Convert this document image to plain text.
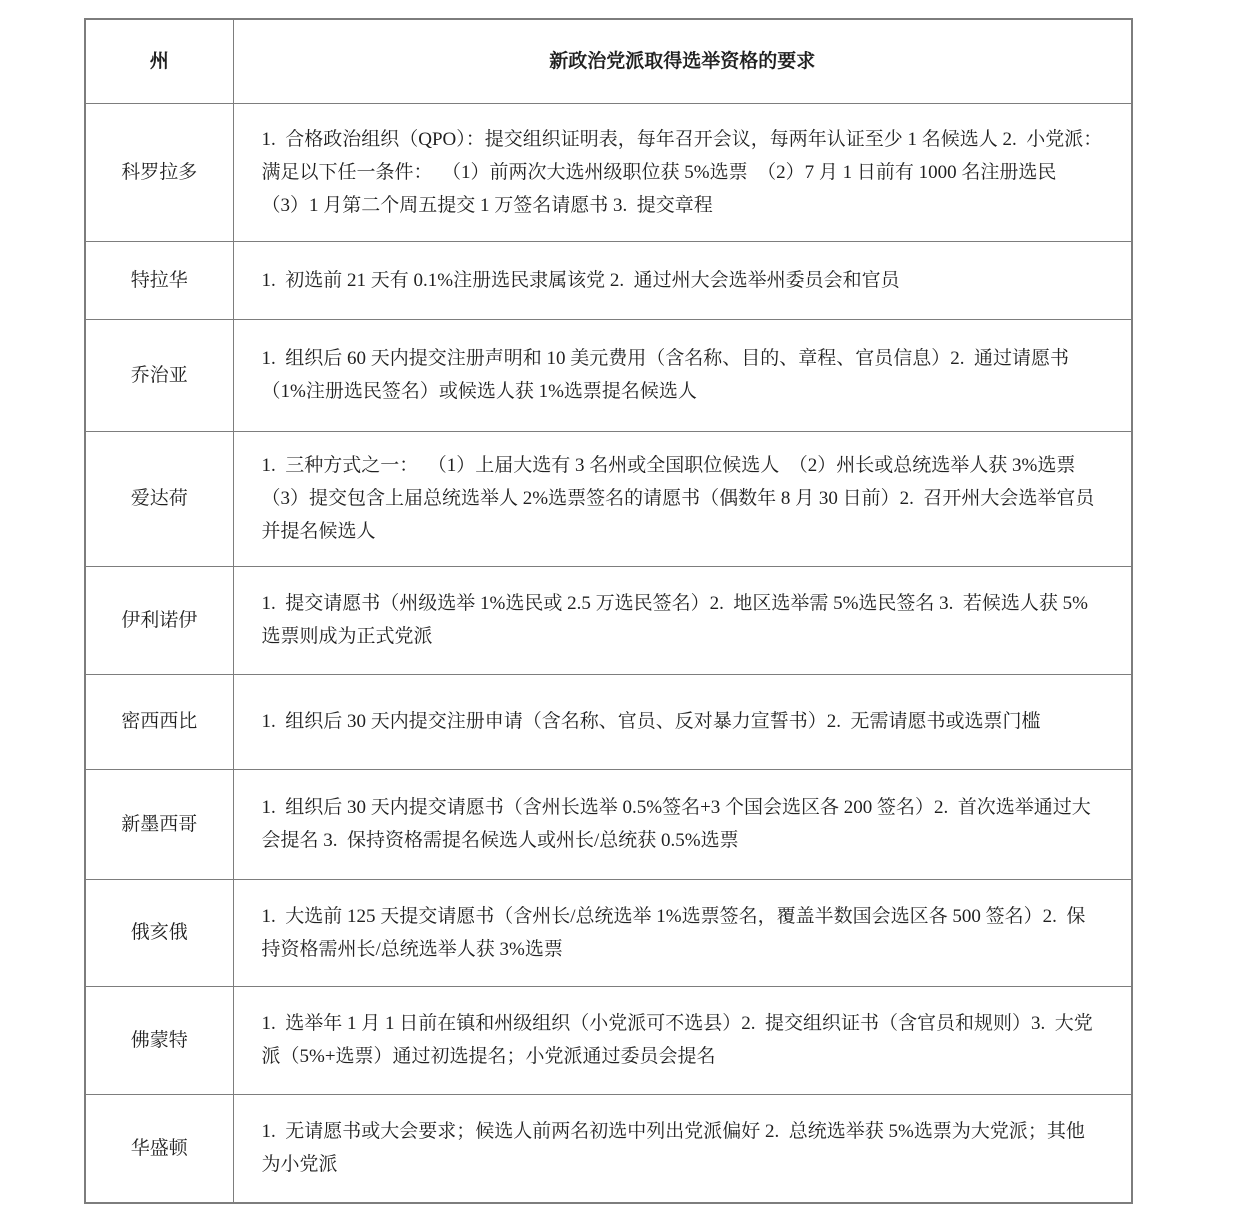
州	新政治党派取得选举资格的要求
科罗拉多	1.  合格政治组织（QPO）：提交组织证明表，每年召开会议，每两年认证至少 1 名候选人 2.  小党派：满足以下任一条件：  （1）前两次大选州级职位获 5%选票  （2）7 月 1 日前有 1000 名注册选民  （3）1 月第二个周五提交 1 万签名请愿书 3.  提交章程
特拉华	1.  初选前 21 天有 0.1%注册选民隶属该党 2.  通过州大会选举州委员会和官员
乔治亚	1.  组织后 60 天内提交注册声明和 10 美元费用（含名称、目的、章程、官员信息）2.  通过请愿书（1%注册选民签名）或候选人获 1%选票提名候选人
爱达荷	1.  三种方式之一：  （1）上届大选有 3 名州或全国职位候选人  （2）州长或总统选举人获 3%选票  （3）提交包含上届总统选举人 2%选票签名的请愿书（偶数年 8 月 30 日前）2.  召开州大会选举官员并提名候选人
伊利诺伊	1.  提交请愿书（州级选举 1%选民或 2.5 万选民签名）2.  地区选举需 5%选民签名 3.  若候选人获 5%选票则成为正式党派
密西西比	1.  组织后 30 天内提交注册申请（含名称、官员、反对暴力宣誓书）2.  无需请愿书或选票门槛
新墨西哥	1.  组织后 30 天内提交请愿书（含州长选举 0.5%签名+3 个国会选区各 200 签名）2.  首次选举通过大会提名 3.  保持资格需提名候选人或州长/总统获 0.5%选票
俄亥俄	1.  大选前 125 天提交请愿书（含州长/总统选举 1%选票签名，覆盖半数国会选区各 500 签名）2.  保持资格需州长/总统选举人获 3%选票
佛蒙特	1.  选举年 1 月 1 日前在镇和州级组织（小党派可不选县）2.  提交组织证书（含官员和规则）3.  大党派（5%+选票）通过初选提名；小党派通过委员会提名
华盛顿	1.  无请愿书或大会要求；候选人前两名初选中列出党派偏好 2.  总统选举获 5%选票为大党派；其他为小党派
